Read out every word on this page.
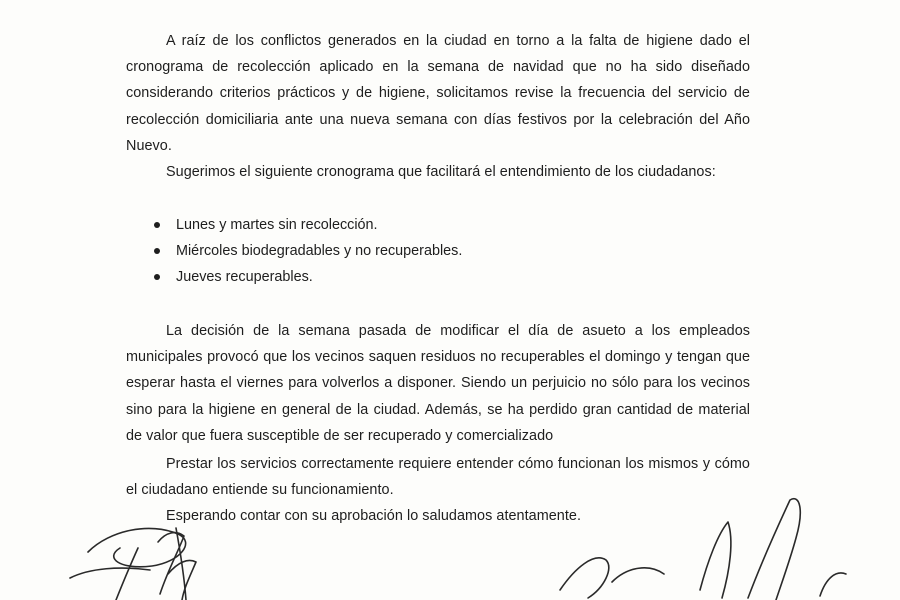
A raíz de los conflictos generados en la ciudad en torno a la falta de higiene dado el cronograma de recolección aplicado en la semana de navidad que no ha sido diseñado considerando criterios prácticos y de higiene, solicitamos revise la frecuencia del servicio de recolección domiciliaria ante una nueva semana con días festivos por la celebración del Año Nuevo.

Sugerimos el siguiente cronograma que facilitará el entendimiento de los ciudadanos:

La decisión de la semana pasada de modificar el día de asueto a los empleados municipales provocó que los vecinos saquen residuos no recuperables el domingo y tengan que esperar hasta el viernes para volverlos a disponer. Siendo un perjuicio no sólo para los vecinos sino para la higiene en general de la ciudad. Además, se ha perdido gran cantidad de material de valor que fuera susceptible de ser recuperado y comercializado

Prestar los servicios correctamente requiere entender cómo funcionan los mismos y cómo el ciudadano entiende su funcionamiento.

Esperando contar con su aprobación lo saludamos atentamente.

Lunes y martes sin recolección.
Miércoles biodegradables y no recuperables.
Jueves recuperables.
